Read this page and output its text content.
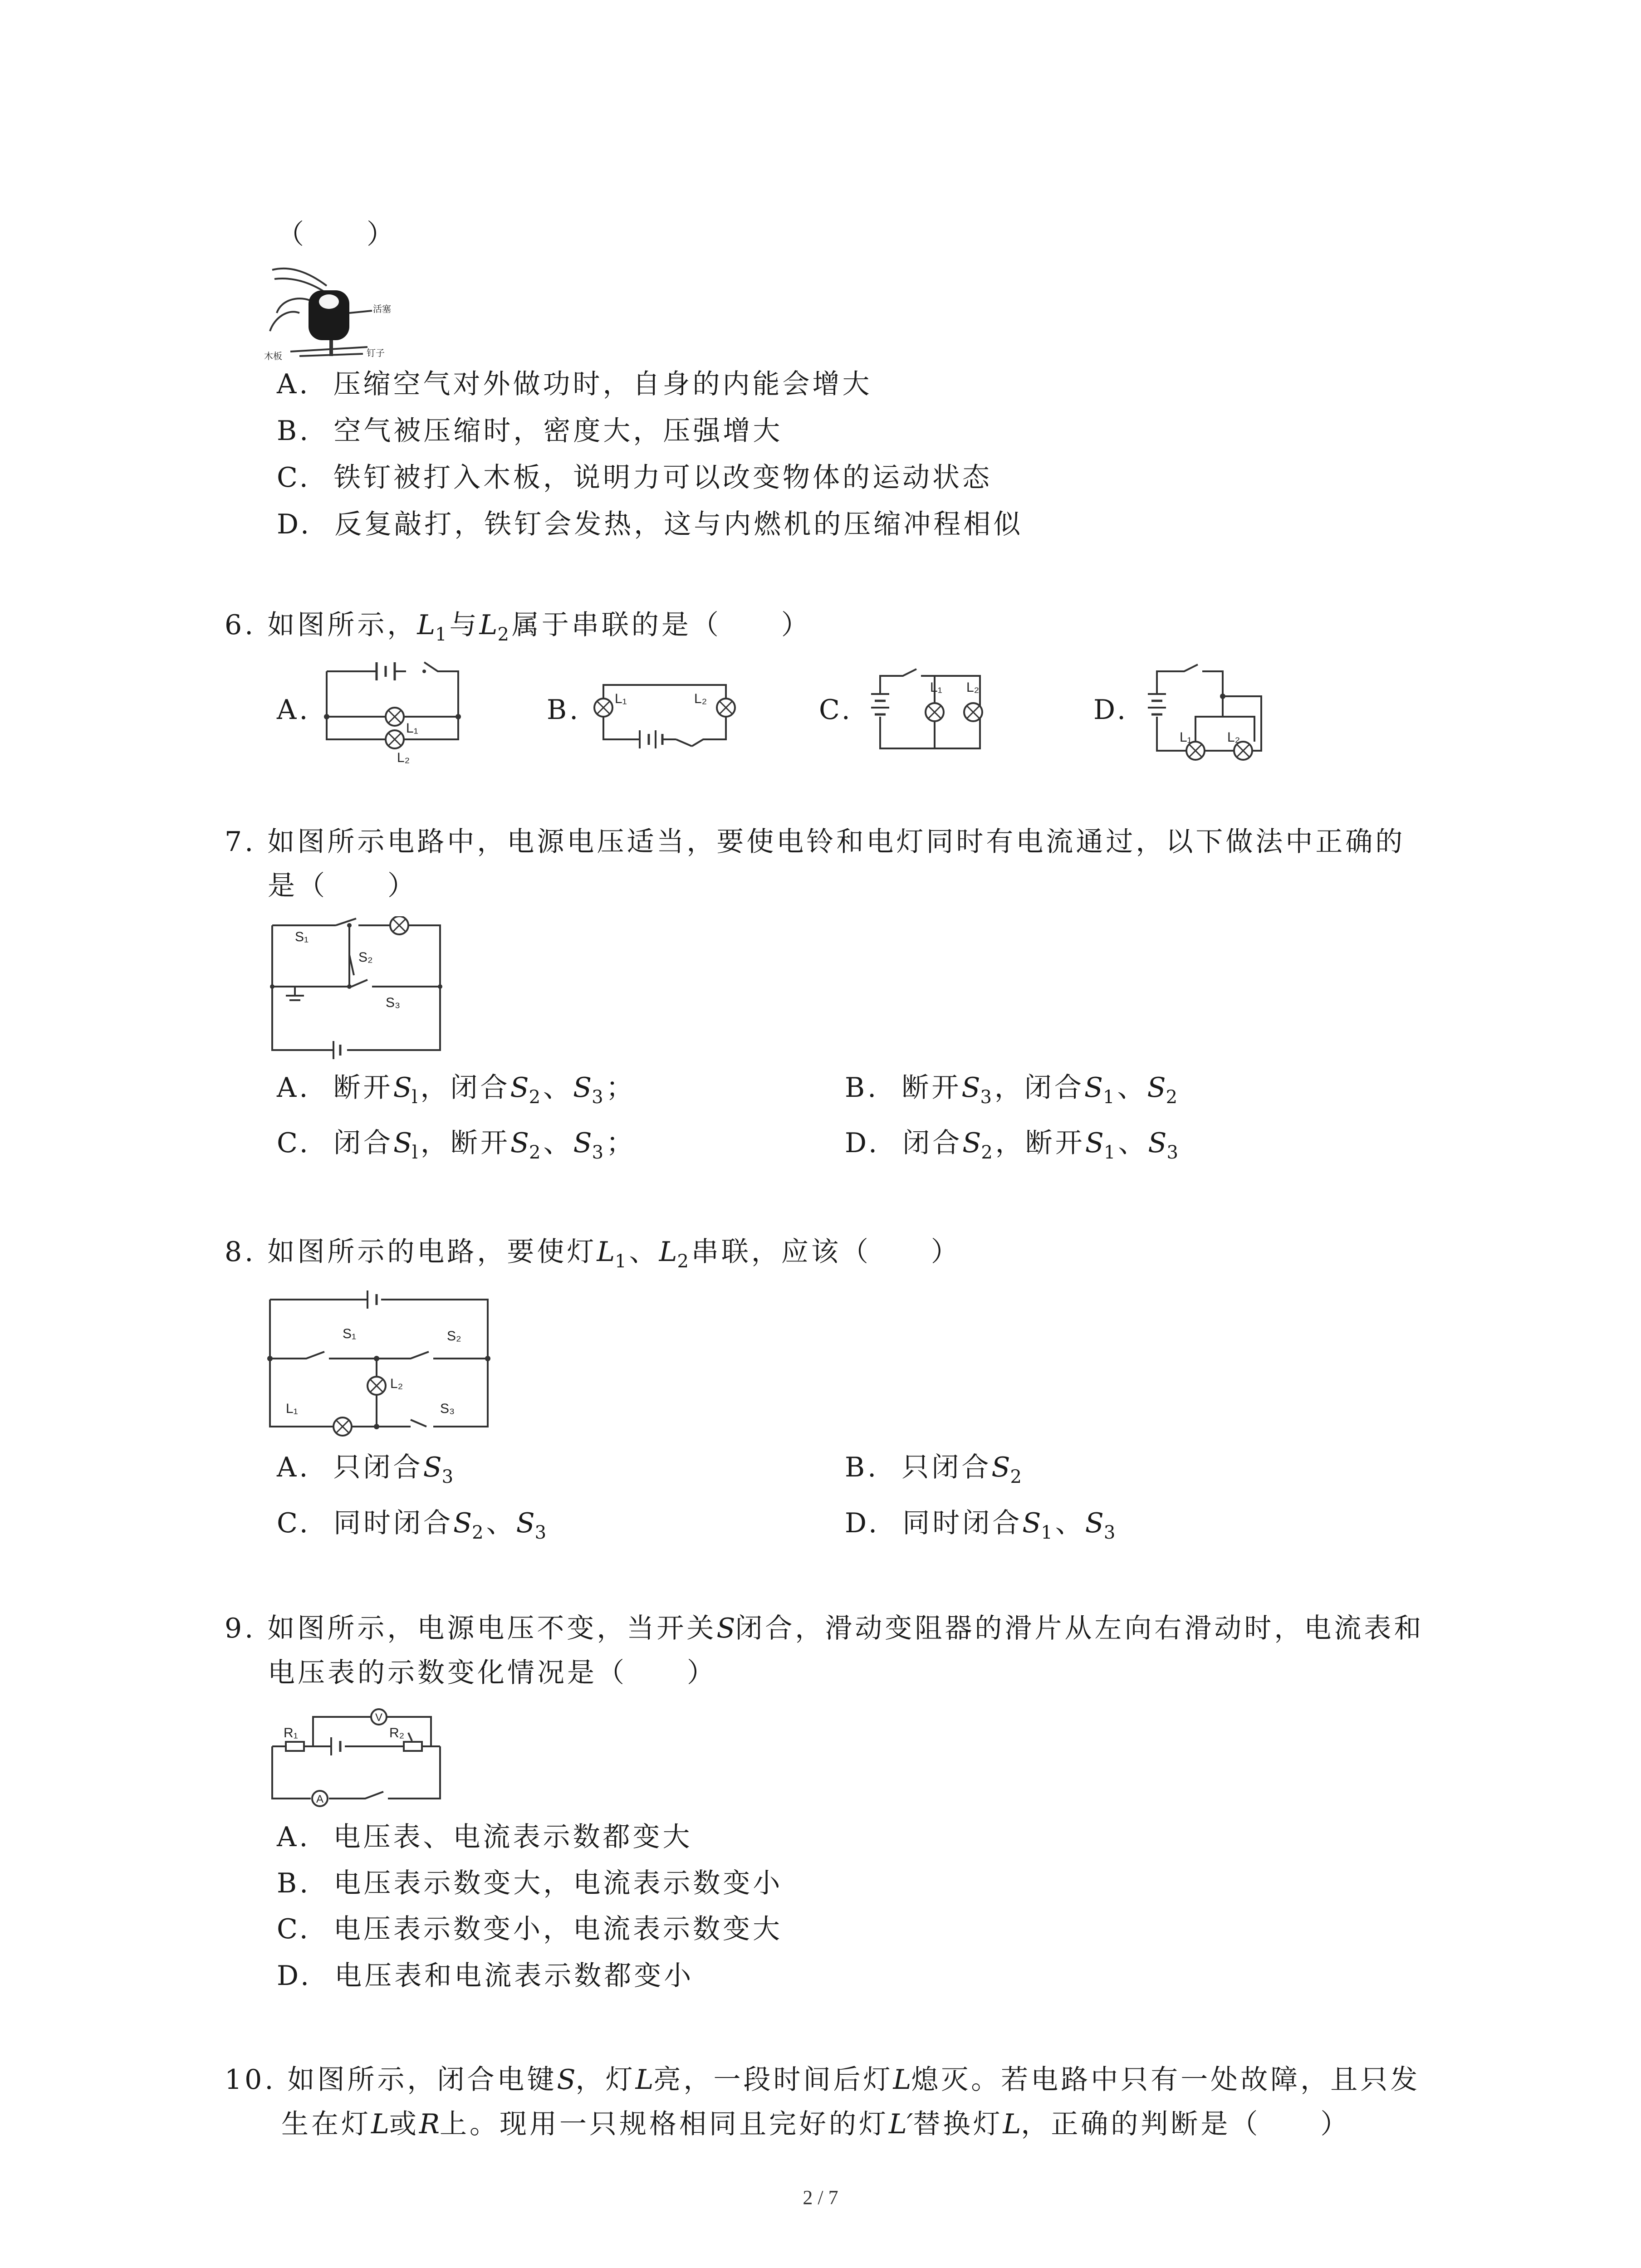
（　　）
活塞
木板	钉子
A. 压缩空气对外做功时，自身的内能会增大
B. 空气被压缩时，密度大，压强增大
C. 铁钉被打入木板，说明力可以改变物体的运动状态
D. 反复敲打，铁钉会发热，这与内燃机的压缩冲程相似
6. 如图所示，$L_1$与$L_2$属于串联的是（　　）
A.
L₁
L₂
B. L₁	L₂	C.
L₁ L₂
D.
L₁	L₂
7. 如图所示电路中，电源电压适当，要使电铃和电灯同时有电流通过，以下做法中正确的
是（　　）
S₁
S₂
S₃
A. 断开$S_l$，闭合$S_2$、$S_3$；	B. 断开$S_3$，闭合$S_1$、$S_2$
C. 闭合$S_l$，断开$S_2$、$S_3$；	D. 闭合$S_2$，断开$S_1$、$S_3$
8. 如图所示的电路，要使灯$L_1$、$L_2$串联，应该（　　）
S₁	S₂
L₂
S₃
L₁
A. 只闭合$S_3$	B. 只闭合$S_2$
C. 同时闭合$S_2$、$S_3$	D. 同时闭合$S_1$、$S_3$
9. 如图所示，电源电压不变，当开关S闭合，滑动变阻器的滑片从左向右滑动时，电流表和
电压表的示数变化情况是（　　）
V
A
R₁	R₂
A. 电压表、电流表示数都变大
B. 电压表示数变大，电流表示数变小
C. 电压表示数变小，电流表示数变大
D. 电压表和电流表示数都变小
10. 如图所示，闭合电键S，灯L亮，一段时间后灯L熄灭。若电路中只有一处故障，且只发
生在灯L或R上。现用一只规格相同且完好的灯L′替换灯L，正确的判断是（　　）
2 / 7
